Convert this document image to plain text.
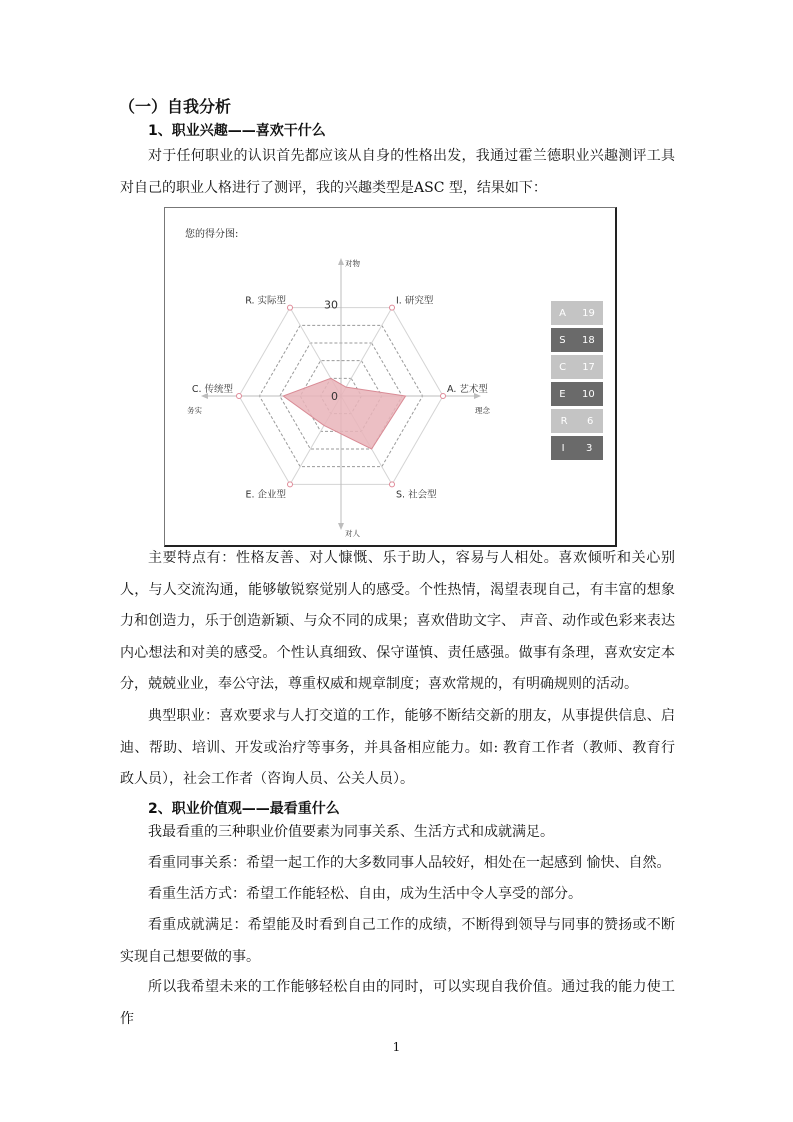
（一）自我分析
1、职业兴趣——喜欢干什么

对于任何职业的认识首先都应该从自身的性格出发，我通过霍兰德职业兴趣测评工具对自己的职业人格进行了测评，我的兴趣类型是ASC 型，结果如下：

您的得分图:
I. 研究型
A. 艺术型
S. 社会型
E. 企业型
C. 传统型
R. 实际型	30
0
对物
对人
务实	理念
A 19
S 18
C 17
E 10
R 6
I 3

主要特点有：性格友善、对人慷慨、乐于助人，容易与人相处。喜欢倾听和关心别人，与人交流沟通，能够敏锐察觉别人的感受。个性热情，渴望表现自己，有丰富的想象力和创造力，乐于创造新颖、与众不同的成果；喜欢借助文字、 声音、动作或色彩来表达内心想法和对美的感受。个性认真细致、保守谨慎、责任感强。做事有条理，喜欢安定本分，兢兢业业，奉公守法，尊重权威和规章制度；喜欢常规的，有明确规则的活动。

典型职业：喜欢要求与人打交道的工作，能够不断结交新的朋友，从事提供信息、启迪、帮助、培训、开发或治疗等事务，并具备相应能力。如: 教育工作者（教师、教育行政人员），社会工作者（咨询人员、公关人员）。

2、职业价值观——最看重什么

我最看重的三种职业价值要素为同事关系、生活方式和成就满足。

看重同事关系：希望一起工作的大多数同事人品较好，相处在一起感到 愉快、自然。

看重生活方式：希望工作能轻松、自由，成为生活中令人享受的部分。

看重成就满足：希望能及时看到自己工作的成绩，不断得到领导与同事的赞扬或不断实现自己想要做的事。

所以我希望未来的工作能够轻松自由的同时，可以实现自我价值。通过我的能力使工作

1
